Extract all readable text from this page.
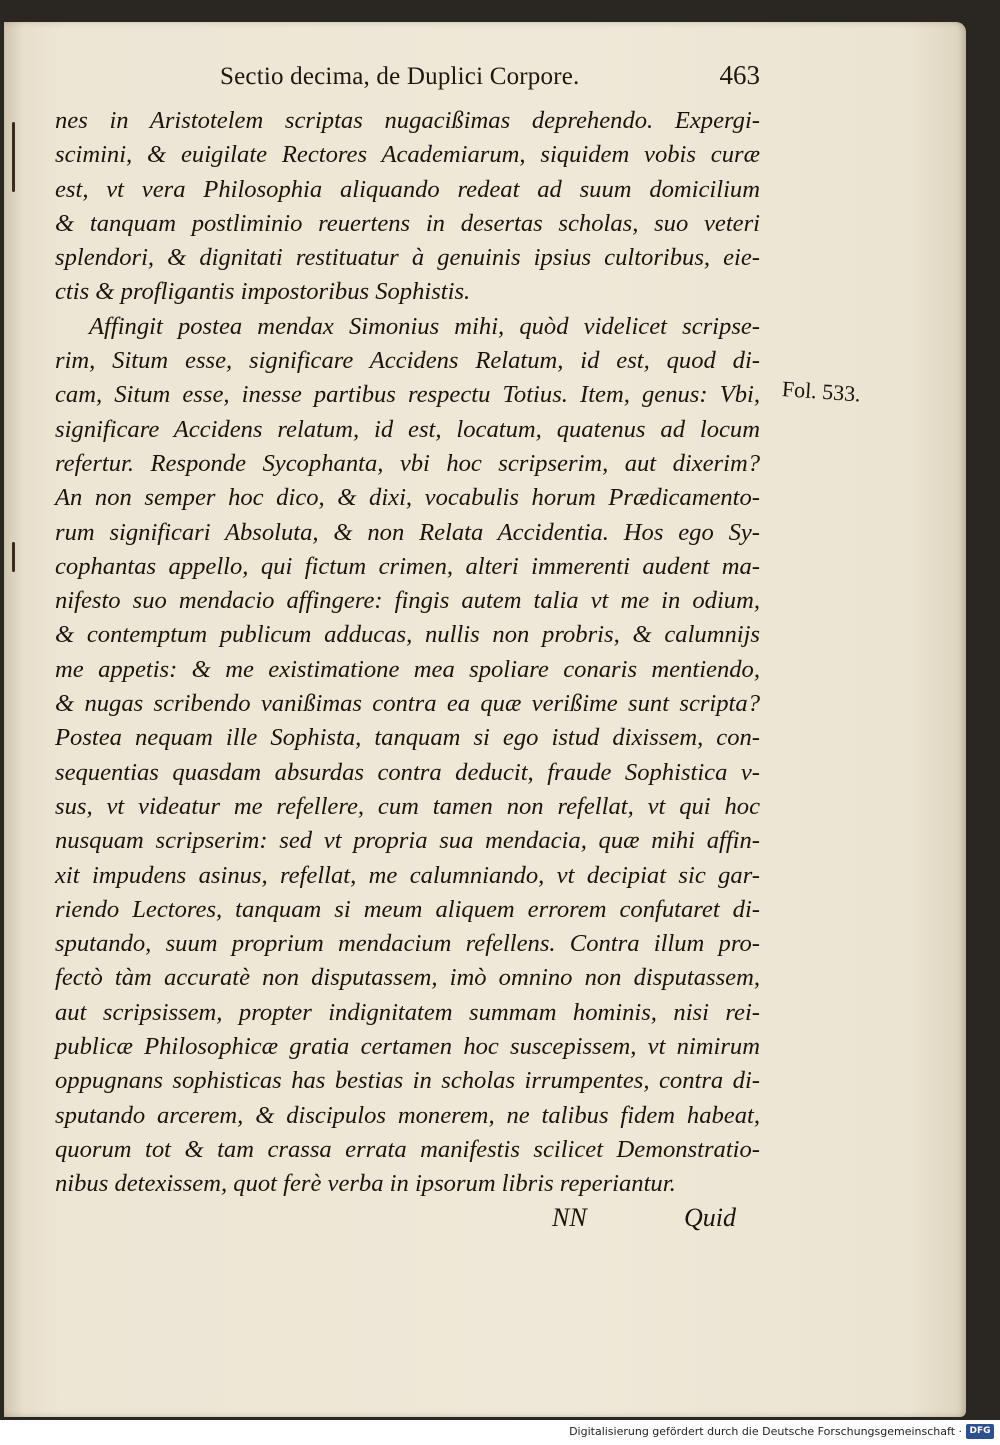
Sectio decima, de Duplici Corpore.	463
nes in Aristotelem scriptas nugacißimas deprehendo. Expergi-
scimini, & euigilate Rectores Academiarum, siquidem vobis curæ
est, vt vera Philosophia aliquando redeat ad suum domicilium
& tanquam postliminio reuertens in desertas scholas, suo veteri
splendori, & dignitati restituatur à genuinis ipsius cultoribus, eie-
ctis & profligantis impostoribus Sophistis.
Affingit postea mendax Simonius mihi, quòd videlicet scripse-
rim, Situm esse, significare Accidens Relatum, id est, quod di-
cam, Situm esse, inesse partibus respectu Totius. Item, genus: Vbi,
significare Accidens relatum, id est, locatum, quatenus ad locum
refertur. Responde Sycophanta, vbi hoc scripserim, aut dixerim?
An non semper hoc dico, & dixi, vocabulis horum Prædicamento-
rum significari Absoluta, & non Relata Accidentia. Hos ego Sy-
cophantas appello, qui fictum crimen, alteri immerenti audent ma-
nifesto suo mendacio affingere: fingis autem talia vt me in odium,
& contemptum publicum adducas, nullis non probris, & calumnijs
me appetis: & me existimatione mea spoliare conaris mentiendo,
& nugas scribendo vanißimas contra ea quæ verißime sunt scripta?
Postea nequam ille Sophista, tanquam si ego istud dixissem, con-
sequentias quasdam absurdas contra deducit, fraude Sophistica v-
sus, vt videatur me refellere, cum tamen non refellat, vt qui hoc
nusquam scripserim: sed vt propria sua mendacia, quæ mihi affin-
xit impudens asinus, refellat, me calumniando, vt decipiat sic gar-
riendo Lectores, tanquam si meum aliquem errorem confutaret di-
sputando, suum proprium mendacium refellens. Contra illum pro-
fectò tàm accuratè non disputassem, imò omnino non disputassem,
aut scripsissem, propter indignitatem summam hominis, nisi rei-
publicæ Philosophicæ gratia certamen hoc suscepissem, vt nimirum
oppugnans sophisticas has bestias in scholas irrumpentes, contra di-
sputando arcerem, & discipulos monerem, ne talibus fidem habeat,
quorum tot & tam crassa errata manifestis scilicet Demonstratio-
nibus detexissem, quot ferè verba in ipsorum libris reperiantur.
Fol. 533.
NN	Quid
Digitalisierung gefördert durch die Deutsche Forschungsgemeinschaft · DFG
